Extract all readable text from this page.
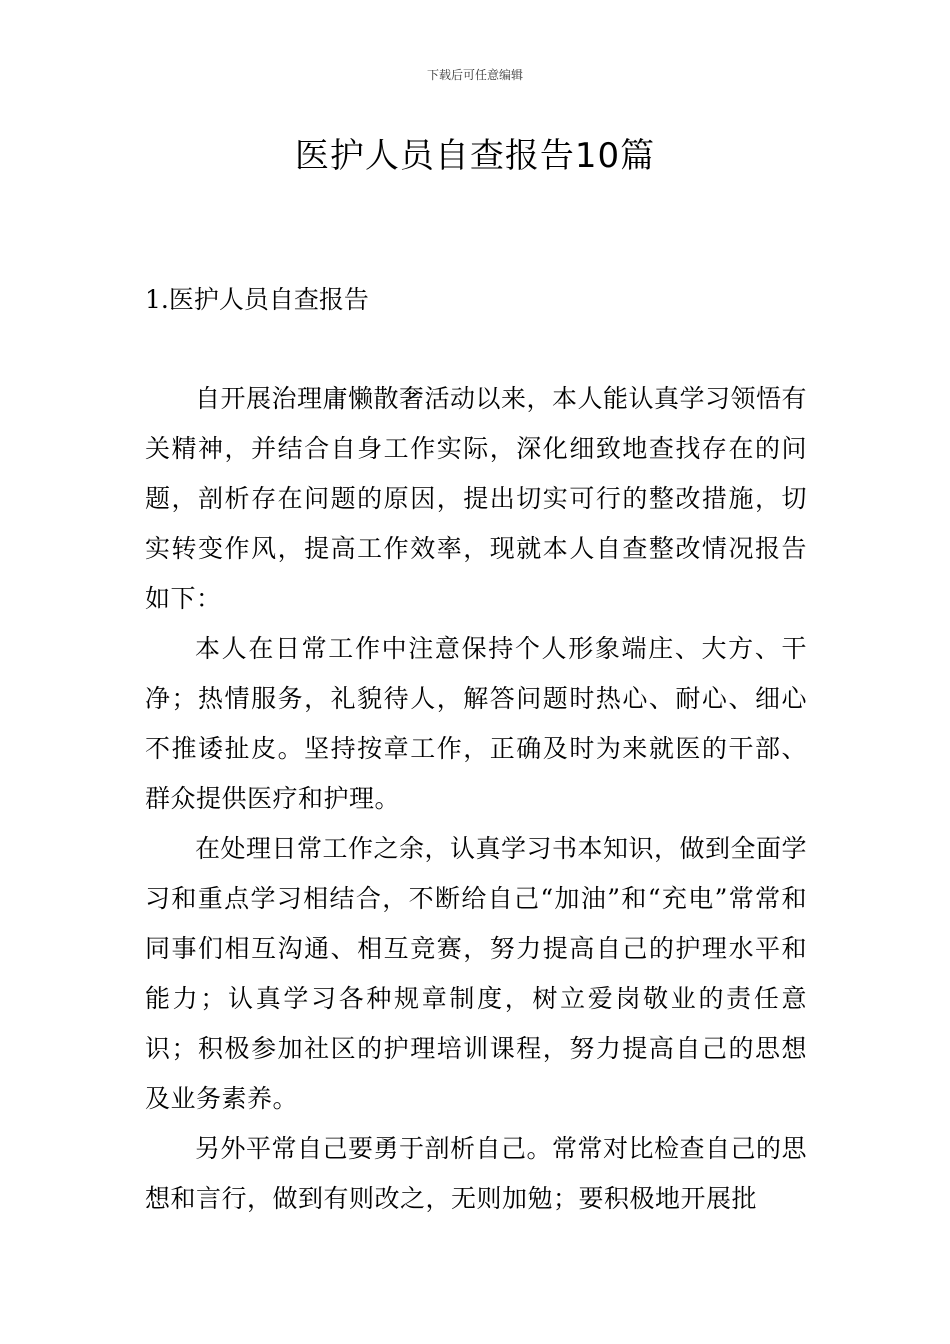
下载后可任意编辑
医护人员自查报告10篇
1.医护人员自查报告

自开展治理庸懒散奢活动以来，本人能认真学习领悟有关精神，并结合自身工作实际，深化细致地查找存在的问题，剖析存在问题的原因，提出切实可行的整改措施，切实转变作风，提高工作效率，现就本人自查整改情况报告如下：

本人在日常工作中注意保持个人形象端庄、大方、干净；热情服务，礼貌待人，解答问题时热心、耐心、细心不推诿扯皮。坚持按章工作，正确及时为来就医的干部、群众提供医疗和护理。

在处理日常工作之余，认真学习书本知识，做到全面学习和重点学习相结合，不断给自己“加油”和“充电”常常和同事们相互沟通、相互竞赛，努力提高自己的护理水平和能力；认真学习各种规章制度，树立爱岗敬业的责任意识；积极参加社区的护理培训课程，努力提高自己的思想及业务素养。

另外平常自己要勇于剖析自己。常常对比检查自己的思想和言行，做到有则改之，无则加勉；要积极地开展批
